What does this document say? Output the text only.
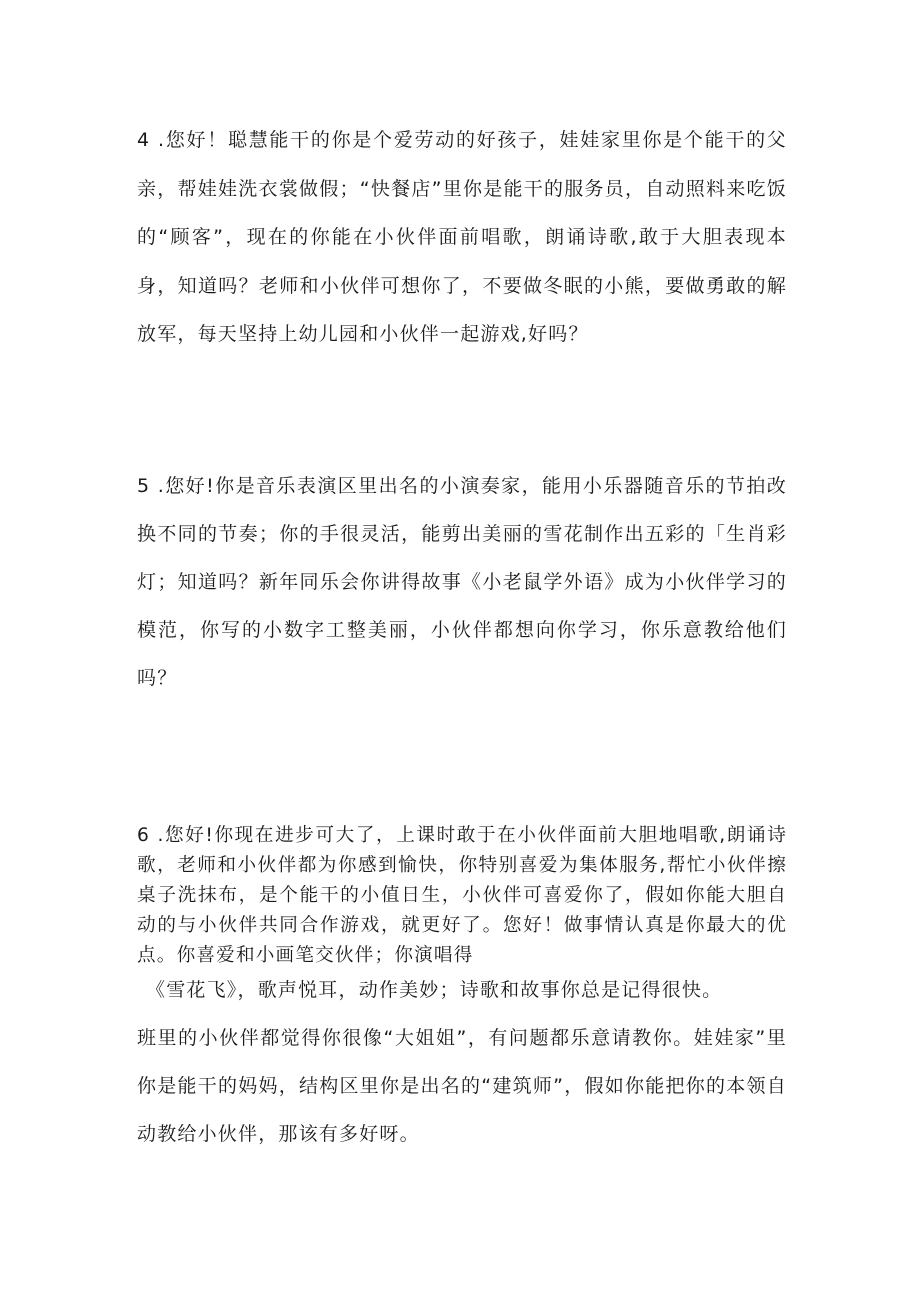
4 .您好！聪慧能干的你是个爱劳动的好孩子，娃娃家里你是个能干的父亲，帮娃娃洗衣裳做假；“快餐店”里你是能干的服务员，自动照料来吃饭的“顾客”，现在的你能在小伙伴面前唱歌，朗诵诗歌,敢于大胆表现本身，知道吗？老师和小伙伴可想你了，不要做冬眠的小熊，要做勇敢的解放军，每天坚持上幼儿园和小伙伴一起游戏,好吗？

5 .您好!你是音乐表演区里出名的小演奏家，能用小乐器随音乐的节拍改换不同的节奏；你的手很灵活，能剪出美丽的雪花制作出五彩的「生肖彩灯；知道吗？新年同乐会你讲得故事《小老鼠学外语》成为小伙伴学习的模范，你写的小数字工整美丽，小伙伴都想向你学习，你乐意教给他们吗？

6 .您好!你现在进步可大了，上课时敢于在小伙伴面前大胆地唱歌,朗诵诗歌，老师和小伙伴都为你感到愉快，你特别喜爱为集体服务,帮忙小伙伴擦桌子洗抹布，是个能干的小值日生，小伙伴可喜爱你了，假如你能大胆自动的与小伙伴共同合作游戏，就更好了。您好！做事情认真是你最大的优点。你喜爱和小画笔交伙伴；你演唱得

《雪花飞》，歌声悦耳，动作美妙；诗歌和故事你总是记得很快。
班里的小伙伴都觉得你很像“大姐姐”，有问题都乐意请教你。娃娃家”里你是能干的妈妈，结构区里你是出名的“建筑师”，假如你能把你的本领自动教给小伙伴，那该有多好呀。
